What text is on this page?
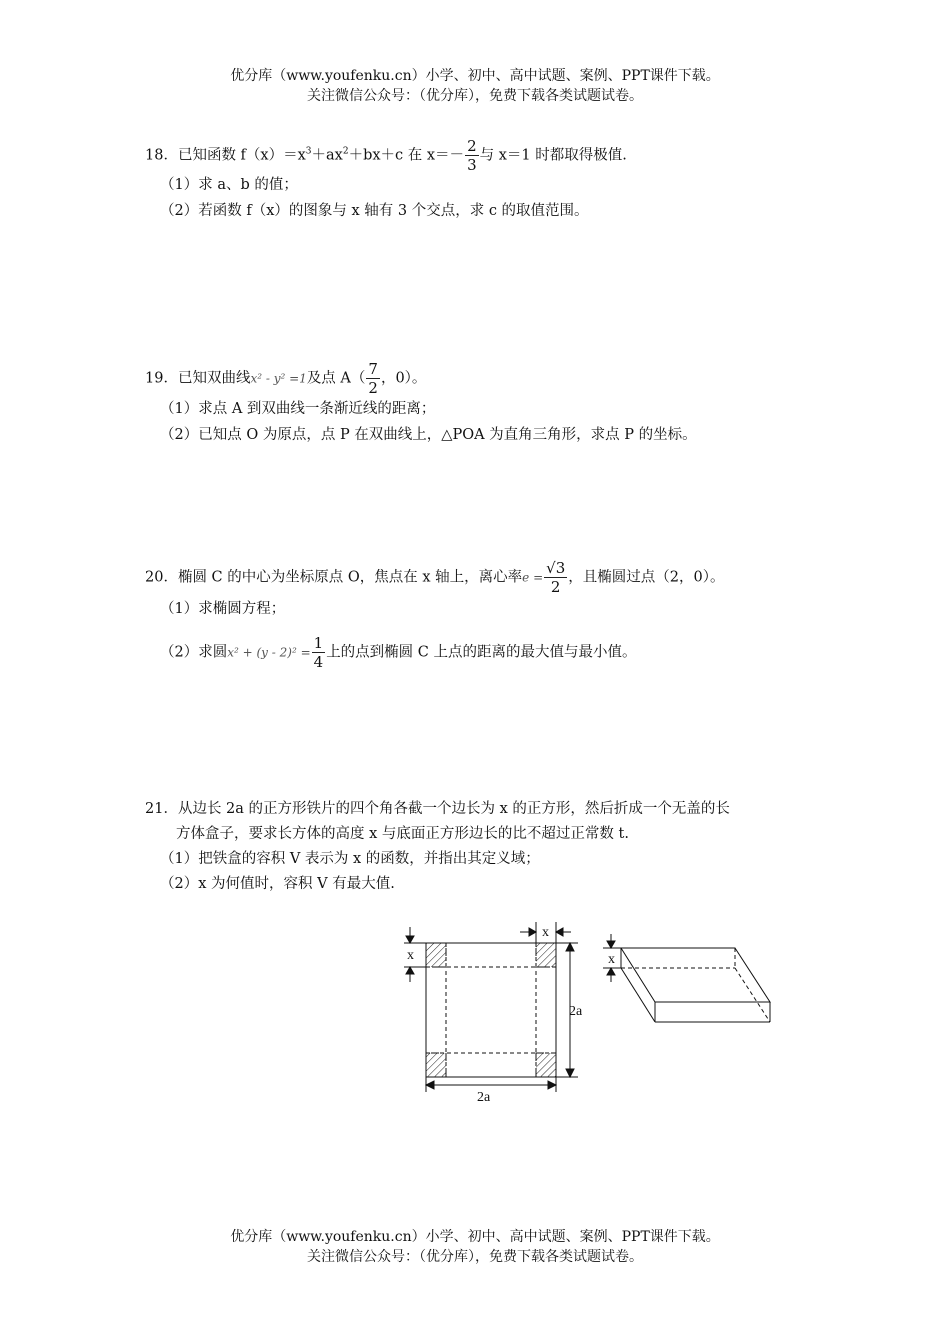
优分库（www.youfenku.cn）小学、初中、高中试题、案例、PPT课件下载。
关注微信公众号：（优分库），免费下载各类试题试卷。
18．已知函数 $f(x)=x^3+ax^2+bx+c$ 在 $x=- \frac{2}{3}$ 与 x＝1 时都取得极值.
（1）求 a、b 的值；
（2）若函数 f（x）的图象与 x 轴有 3 个交点，求 c 的取值范围。
19．已知双曲线x² - y² =1及点 $A( \frac{7}{2}$ ，0）。
（1）求点 A 到双曲线一条渐近线的距离；
（2）已知点 O 为原点，点 P 在双曲线上，△POA 为直角三角形，求点 P 的坐标。
20．椭圆 C 的中心为坐标原点 O，焦点在 x 轴上，离心率$e = \frac{√3}{2}$ ，且椭圆过点（2，0）。
（1）求椭圆方程；
（2）求圆$x^2 + (y - 2)^2 = \frac{1}{4}$ 上的点到椭圆 C 上点的距离的最大值与最小值。
21．从边长 2a 的正方形铁片的四个角各截一个边长为 x 的正方形，然后折成一个无盖的长
方体盒子，要求长方体的高度 x 与底面正方形边长的比不超过正常数 t.
（1）把铁盒的容积 V 表示为 x 的函数，并指出其定义域；
（2）x 为何值时，容积 V 有最大值.
x
x
2a
2a
x
优分库（www.youfenku.cn）小学、初中、高中试题、案例、PPT课件下载。
关注微信公众号：（优分库），免费下载各类试题试卷。
